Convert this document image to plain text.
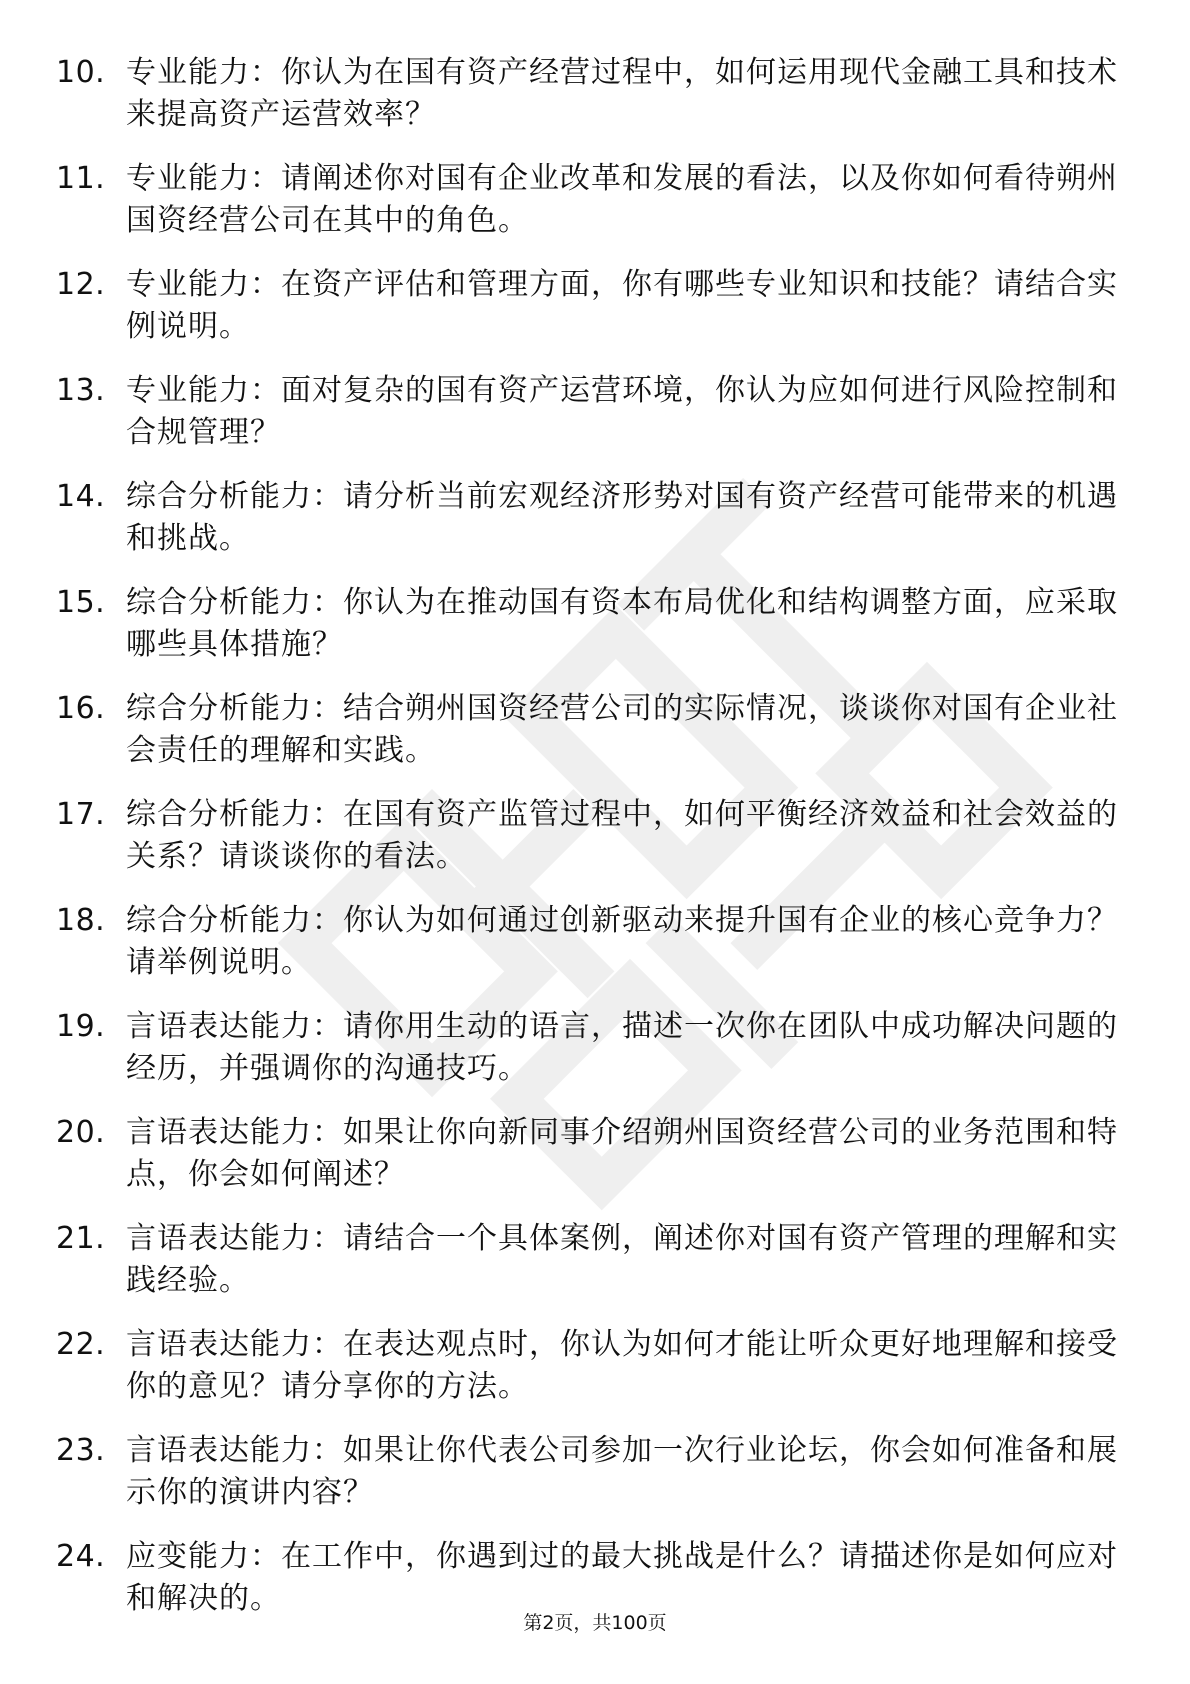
10. 专业能力：你认为在国有资产经营过程中，如何运用现代金融工具和技术来提高资产运营效率？
11. 专业能力：请阐述你对国有企业改革和发展的看法，以及你如何看待朔州国资经营公司在其中的角色。
12. 专业能力：在资产评估和管理方面，你有哪些专业知识和技能？请结合实例说明。
13. 专业能力：面对复杂的国有资产运营环境，你认为应如何进行风险控制和合规管理？
14. 综合分析能力：请分析当前宏观经济形势对国有资产经营可能带来的机遇和挑战。
15. 综合分析能力：你认为在推动国有资本布局优化和结构调整方面，应采取哪些具体措施？
16. 综合分析能力：结合朔州国资经营公司的实际情况，谈谈你对国有企业社会责任的理解和实践。
17. 综合分析能力：在国有资产监管过程中，如何平衡经济效益和社会效益的关系？请谈谈你的看法。
18. 综合分析能力：你认为如何通过创新驱动来提升国有企业的核心竞争力？请举例说明。
19. 言语表达能力：请你用生动的语言，描述一次你在团队中成功解决问题的经历，并强调你的沟通技巧。
20. 言语表达能力：如果让你向新同事介绍朔州国资经营公司的业务范围和特点，你会如何阐述？
21. 言语表达能力：请结合一个具体案例，阐述你对国有资产管理的理解和实践经验。
22. 言语表达能力：在表达观点时，你认为如何才能让听众更好地理解和接受你的意见？请分享你的方法。
23. 言语表达能力：如果让你代表公司参加一次行业论坛，你会如何准备和展示你的演讲内容？
24. 应变能力：在工作中，你遇到过的最大挑战是什么？请描述你是如何应对和解决的。
第2页，共100页
